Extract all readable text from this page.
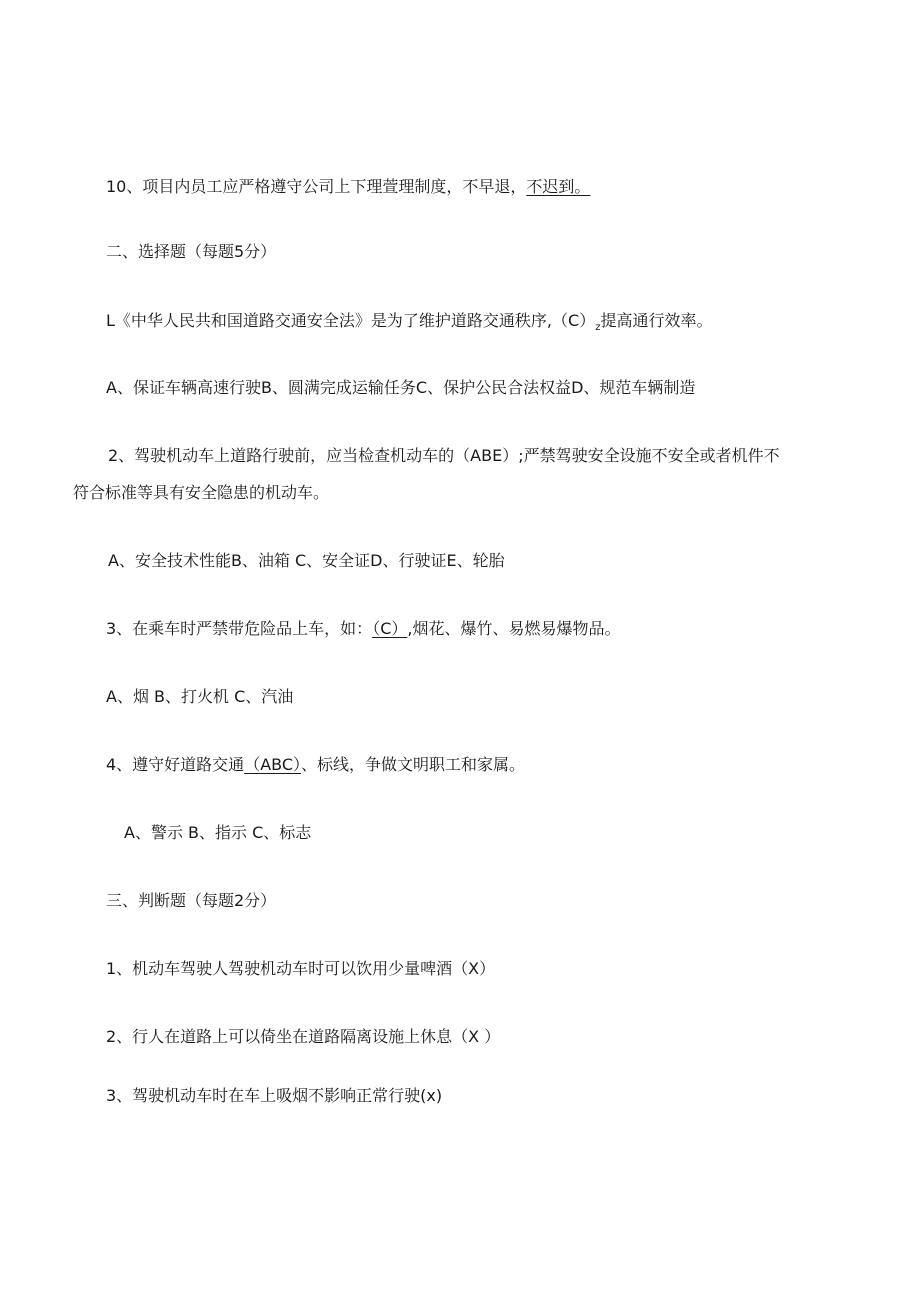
10、项目内员工应严格遵守公司上下理萱理制度，不早退，不迟到。
二、选择题（每题5分）
L《中华人民共和国道路交通安全法》是为了维护道路交通秩序$,(C)_z$提高通行效率。
A、保证车辆高速行驶B、圆满完成运输任务C、保护公民合法权益D、规范车辆制造
2、驾驶机动车上道路行驶前，应当检查机动车的（ABE）;严禁驾驶安全设施不安全或者机件不
符合标准等具有安全隐患的机动车。
A、安全技术性能B、油箱 C、安全证D、行驶证E、轮胎
3、在乘车时严禁带危险品上车，如：（C）,烟花、爆竹、易燃易爆物品。
A、烟 B、打火机 C、汽油
4、遵守好道路交通（ABC）、标线，争做文明职工和家属。
A、警示 B、指示 C、标志
三、判断题（每题2分）
1、机动车驾驶人驾驶机动车时可以饮用少量啤酒（X）
2、行人在道路上可以倚坐在道路隔离设施上休息（X ）
3、驾驶机动车时在车上吸烟不影响正常行驶(x)
